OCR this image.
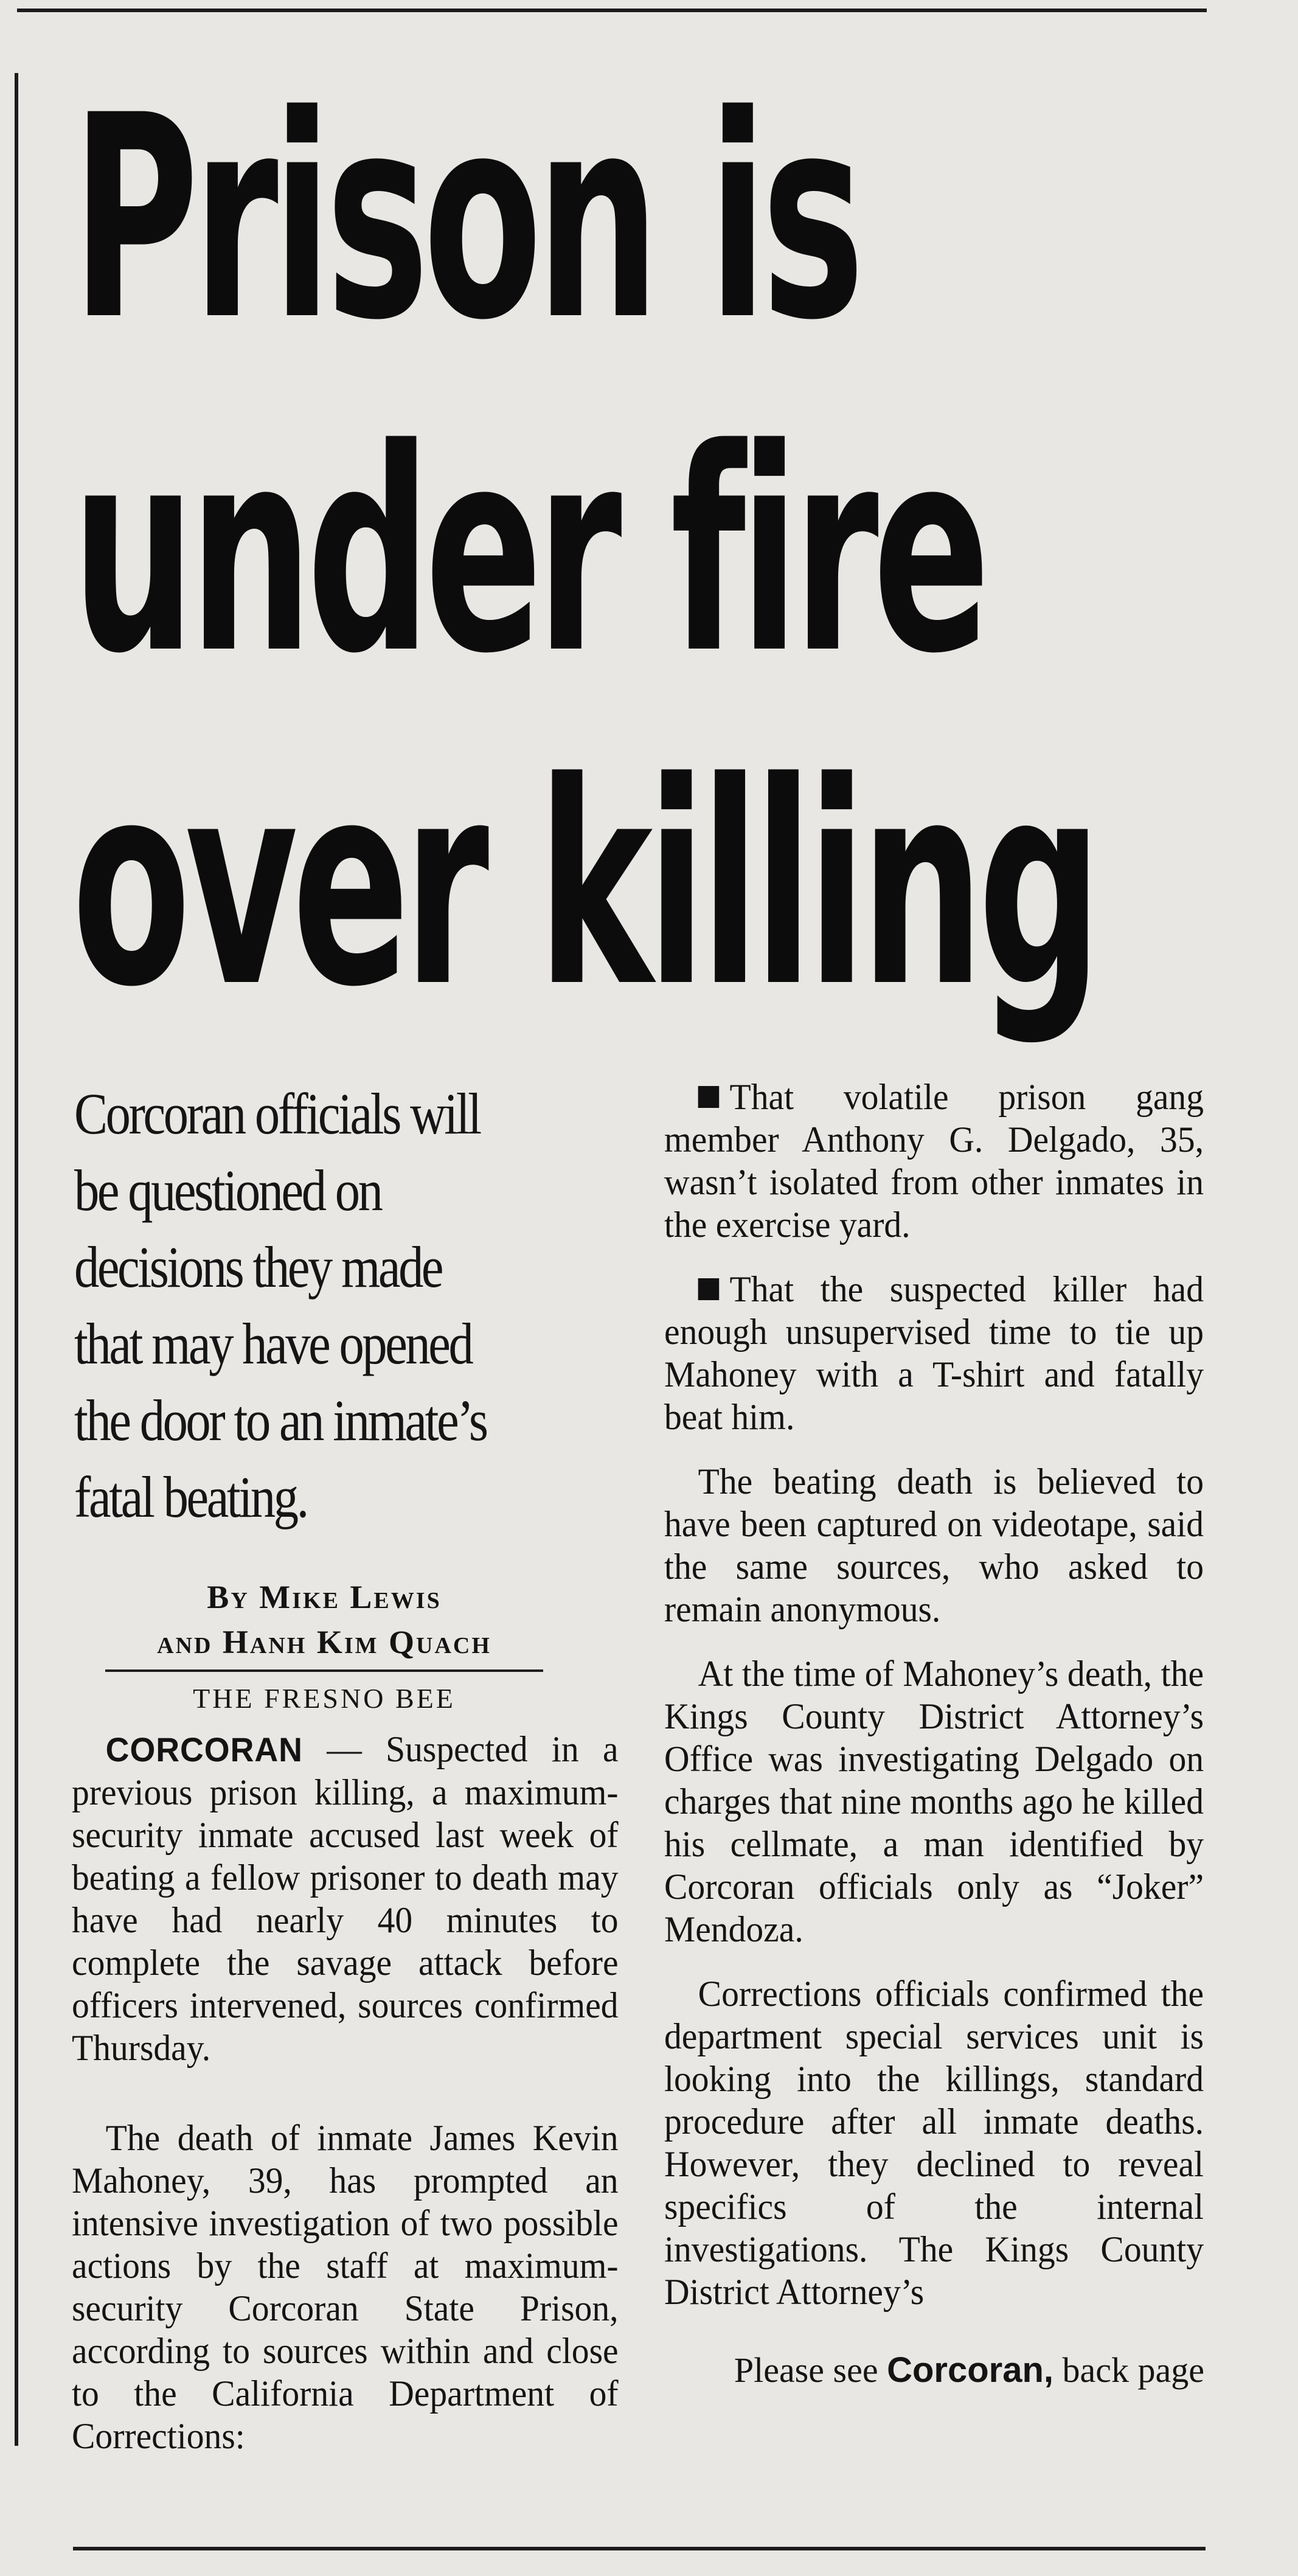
Prison is
under fire
over killing
Corcoran officials will
be questioned on
decisions they made
that may have opened
the door to an inmate’s
fatal beating.
By Mike Lewis
and Hanh Kim Quach
THE FRESNO BEE

CORCORAN — Suspected in a previous prison killing, a maximum-security inmate accused last week of beating a fellow prisoner to death may have had nearly 40 minutes to complete the savage attack before officers intervened, sources confirmed Thursday.

The death of inmate James Kevin Mahoney, 39, has prompted an intensive investigation of two possible actions by the staff at maximum-security Corcoran State Prison, according to sources within and close to the California Department of Corrections:

That volatile prison gang member Anthony G. Delgado, 35, wasn’t isolated from other inmates in the exercise yard.

That the suspected killer had enough unsupervised time to tie up Mahoney with a T-shirt and fatally beat him.

The beating death is believed to have been captured on videotape, said the same sources, who asked to remain anonymous.

At the time of Mahoney’s death, the Kings County District Attorney’s Office was investigating Delgado on charges that nine months ago he killed his cellmate, a man identified by Corcoran officials only as “Joker” Mendoza.

Corrections officials confirmed the department special services unit is looking into the killings, standard procedure after all inmate deaths. However, they declined to reveal specifics of the internal investigations. The Kings County District Attorney’s

Please see Corcoran, back page
